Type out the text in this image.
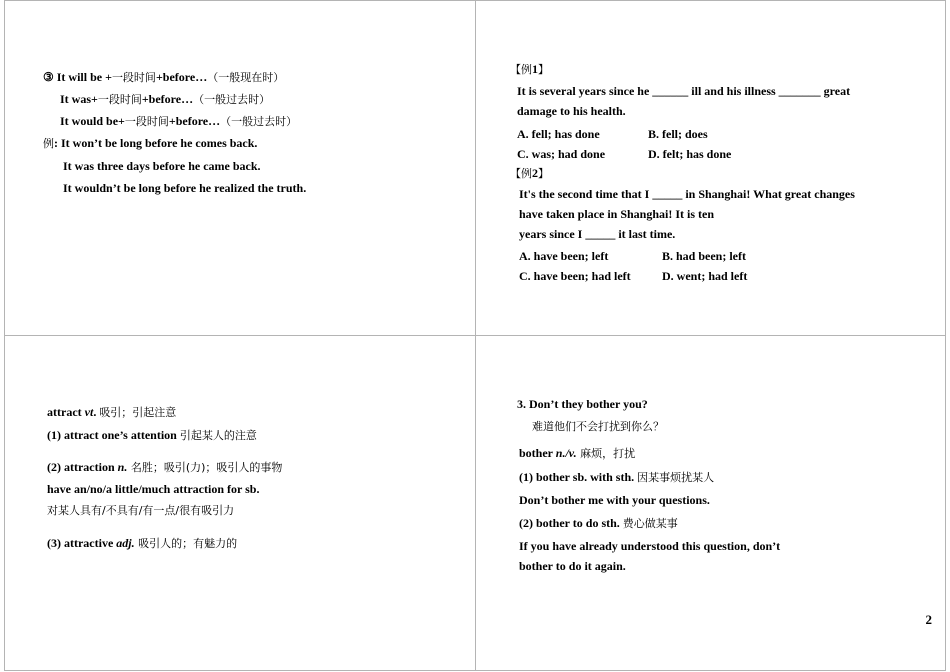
③ It will be +一段时间+before…（一般现在时）
It was+一段时间+before…（一般过去时）
It would be+一段时间+before…（一般过去时）
例: It won’t be long before he comes back.
It was three days before he came back.
It wouldn’t be long before he realized the truth.
【例1】
It is several years since he ______ ill and his illness _______ great
damage to his health.
A. fell; has done	B. fell; does
C. was; had done	D. felt; has done
【例2】
It's the second time that I _____ in Shanghai! What great changes
have taken place in Shanghai! It is ten
years since I _____ it last time.
A. have been; left	B. had been; left
C. have been; had left	D. went; had left
attract vt. 吸引；引起注意
(1) attract one’s attention 引起某人的注意
(2) attraction n. 名胜；吸引(力)；吸引人的事物
have an/no/a little/much attraction for sb.
对某人具有/不具有/有一点/很有吸引力
(3) attractive adj. 吸引人的；有魅力的
3. Don’t they bother you?
难道他们不会打扰到你么？
bother n./v. 麻烦，打扰
(1) bother sb. with sth. 因某事烦扰某人
Don’t bother me with your questions.
(2) bother to do sth. 费心做某事
If you have already understood this question, don’t
bother to do it again.
2
